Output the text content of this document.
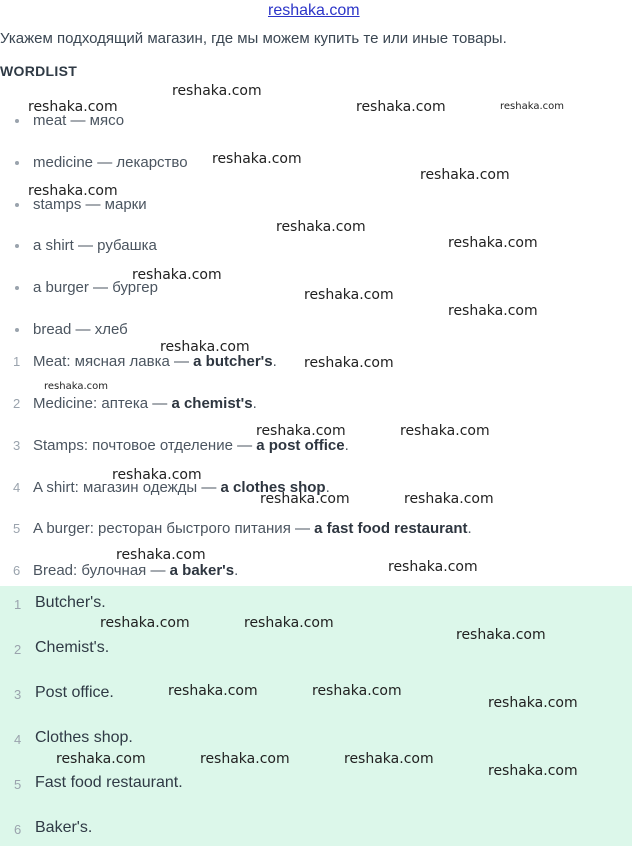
reshaka.com
Укажем подходящий магазин, где мы можем купить те или иные товары.
WORDLIST
meat — мясо
medicine — лекарство
stamps — марки
a shirt — рубашка
a burger — бургер
bread — хлеб
1 Meat: мясная лавка — a butcher's.
2 Medicine: аптека — a chemist's.
3 Stamps: почтовое отделение — a post office.
4 A shirt: магазин одежды — a clothes shop.
5 A burger: ресторан быстрого питания — a fast food restaurant.
6 Bread: булочная — a baker's.
1 Butcher's.
2 Chemist's.
3 Post office.
4 Clothes shop.
5 Fast food restaurant.
6 Baker's.
reshaka.com
reshaka.com	reshaka.com	reshaka.com
reshaka.com
reshaka.com
reshaka.com
reshaka.com
reshaka.com
reshaka.com
reshaka.com
reshaka.com
reshaka.com
reshaka.com
reshaka.com
reshaka.com	reshaka.com
reshaka.com
reshaka.com	reshaka.com
reshaka.com
reshaka.com
reshaka.com	reshaka.com
reshaka.com
reshaka.com	reshaka.com
reshaka.com
reshaka.com	reshaka.com	reshaka.com
reshaka.com
